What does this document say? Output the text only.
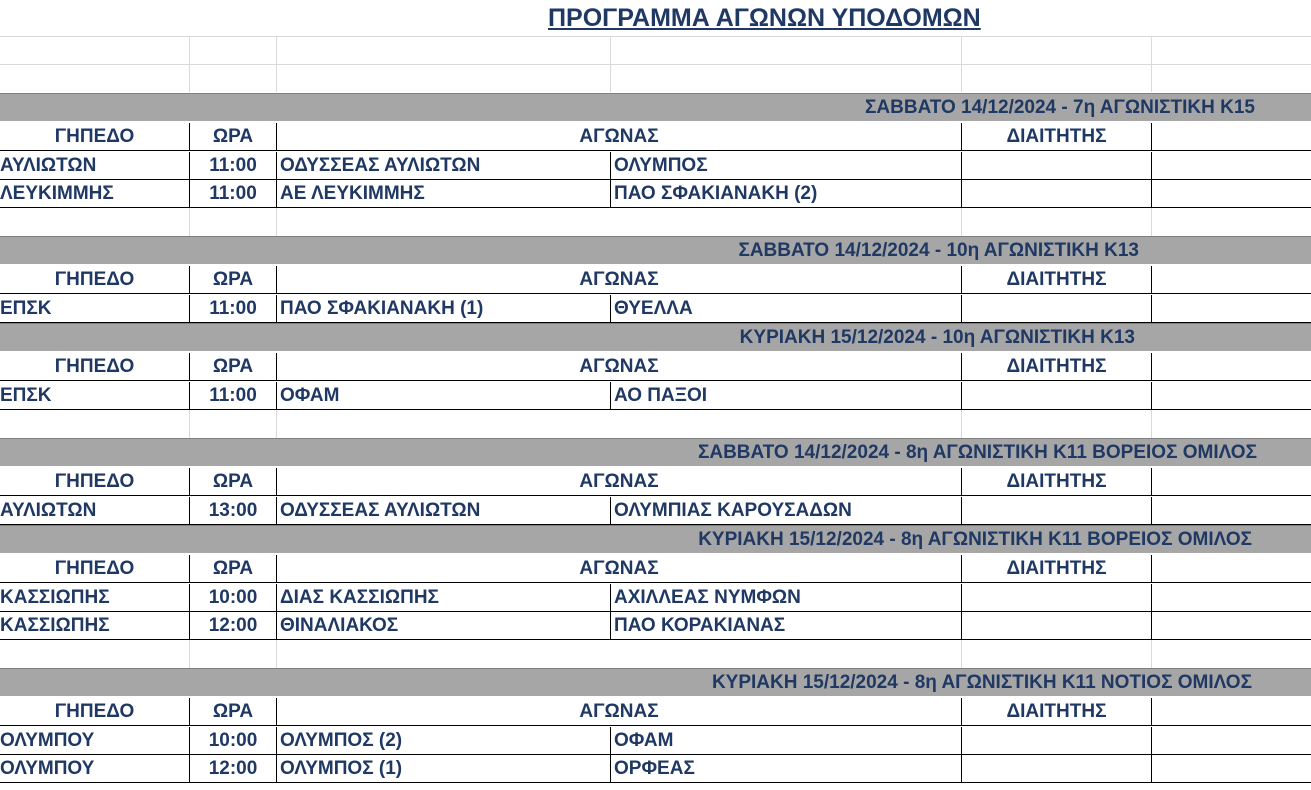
ΠΡΟΓΡΑΜΜΑ ΑΓΩΝΩΝ ΥΠΟΔΟΜΩΝ
ΣΑΒΒΑΤΟ 14/12/2024 - 7η ΑΓΩΝΙΣΤΙΚΗ Κ15
ΓΗΠΕΔΟ	ΩΡΑ	ΑΓΩΝΑΣ	ΔΙΑΙΤΗΤΗΣ
ΑΥΛΙΩΤΩΝ	11:00	ΟΔΥΣΣΕΑΣ ΑΥΛΙΩΤΩΝ	ΟΛΥΜΠΟΣ
ΛΕΥΚΙΜΜΗΣ	11:00	ΑΕ ΛΕΥΚΙΜΜΗΣ	ΠΑΟ ΣΦΑΚΙΑΝΑΚΗ (2)
ΣΑΒΒΑΤΟ 14/12/2024 - 10η ΑΓΩΝΙΣΤΙΚΗ Κ13
ΓΗΠΕΔΟ	ΩΡΑ	ΑΓΩΝΑΣ	ΔΙΑΙΤΗΤΗΣ
ΕΠΣΚ	11:00	ΠΑΟ ΣΦΑΚΙΑΝΑΚΗ (1)	ΘΥΕΛΛΑ
ΚΥΡΙΑΚΗ 15/12/2024 - 10η ΑΓΩΝΙΣΤΙΚΗ Κ13
ΓΗΠΕΔΟ	ΩΡΑ	ΑΓΩΝΑΣ	ΔΙΑΙΤΗΤΗΣ
ΕΠΣΚ	11:00	ΟΦΑΜ	ΑΟ ΠΑΞΟΙ
ΣΑΒΒΑΤΟ 14/12/2024 - 8η ΑΓΩΝΙΣΤΙΚΗ Κ11 ΒΟΡΕΙΟΣ ΟΜΙΛΟΣ
ΓΗΠΕΔΟ	ΩΡΑ	ΑΓΩΝΑΣ	ΔΙΑΙΤΗΤΗΣ
ΑΥΛΙΩΤΩΝ	13:00	ΟΔΥΣΣΕΑΣ ΑΥΛΙΩΤΩΝ	ΟΛΥΜΠΙΑΣ ΚΑΡΟΥΣΑΔΩΝ
ΚΥΡΙΑΚΗ 15/12/2024 - 8η ΑΓΩΝΙΣΤΙΚΗ Κ11 ΒΟΡΕΙΟΣ ΟΜΙΛΟΣ
ΓΗΠΕΔΟ	ΩΡΑ	ΑΓΩΝΑΣ	ΔΙΑΙΤΗΤΗΣ
ΚΑΣΣΙΩΠΗΣ	10:00	ΔΙΑΣ ΚΑΣΣΙΩΠΗΣ	ΑΧΙΛΛΕΑΣ ΝΥΜΦΩΝ
ΚΑΣΣΙΩΠΗΣ	12:00	ΘΙΝΑΛΙΑΚΟΣ	ΠΑΟ ΚΟΡΑΚΙΑΝΑΣ
ΚΥΡΙΑΚΗ 15/12/2024 - 8η ΑΓΩΝΙΣΤΙΚΗ Κ11 ΝΟΤΙΟΣ ΟΜΙΛΟΣ
ΓΗΠΕΔΟ	ΩΡΑ	ΑΓΩΝΑΣ	ΔΙΑΙΤΗΤΗΣ
ΟΛΥΜΠΟΥ	10:00	ΟΛΥΜΠΟΣ (2)	ΟΦΑΜ
ΟΛΥΜΠΟΥ	12:00	ΟΛΥΜΠΟΣ (1)	ΟΡΦΕΑΣ
